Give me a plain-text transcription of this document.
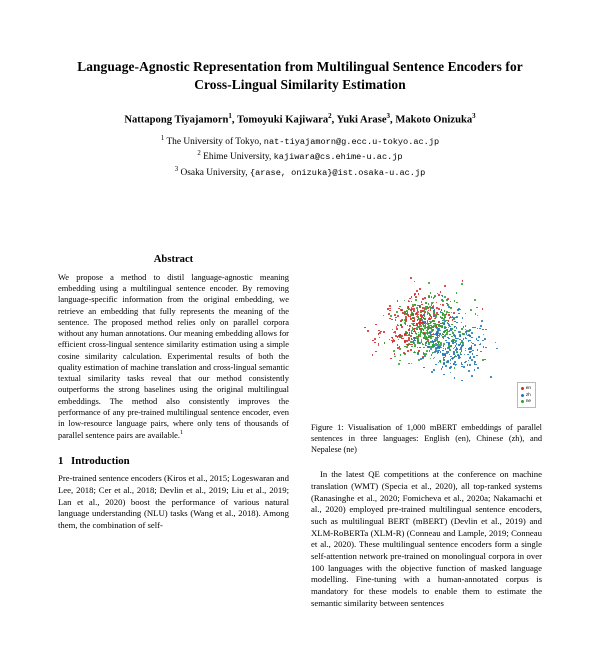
Language-Agnostic Representation from Multilingual Sentence Encoders for Cross-Lingual Similarity Estimation
Nattapong Tiyajamorn$^1$, Tomoyuki Kajiwara$^2$, Yuki Arase$^3$, Makoto Onizuka$^3$
$^1$ The University of Tokyo, nat-tiyajamorn@g.ecc.u-tokyo.ac.jp
$^2$ Ehime University, kajiwara@cs.ehime-u.ac.jp
$^3$ Osaka University, {arase, onizuka}@ist.osaka-u.ac.jp
Abstract
We propose a method to distil language-agnostic meaning embedding using a multilingual sentence encoder. By removing language-specific information from the original embedding, we retrieve an embedding that fully represents the meaning of the sentence. The proposed method relies only on parallel corpora without any human annotations. Our meaning embedding allows for efficient cross-lingual sentence similarity estimation using a simple cosine similarity calculation. Experimental results of both the quality estimation of machine translation and cross-lingual semantic textual similarity tasks reveal that our method consistently outperforms the strong baselines using the original multilingual embeddings. The method also consistently improves the performance of any pre-trained multilingual sentence encoder, even in low-resource language pairs, where only tens of thousands of parallel sentence pairs are available.$^1$
1 Introduction

Pre-trained sentence encoders (Kiros et al., 2015; Logeswaran and Lee, 2018; Cer et al., 2018; Devlin et al., 2019; Liu et al., 2019; Lan et al., 2020) boost the performance of various natural language understanding (NLU) tasks (Wang et al., 2018). Among them, the combination of self-

en
zh
ne
Figure 1: Visualisation of 1,000 mBERT embeddings of parallel sentences in three languages: English (en), Chinese (zh), and Nepalese (ne)

In the latest QE competitions at the conference on machine translation (WMT) (Specia et al., 2020), all top-ranked systems (Ranasinghe et al., 2020; Fomicheva et al., 2020a; Nakamachi et al., 2020) employed pre-trained multilingual sentence encoders, such as multilingual BERT (mBERT) (Devlin et al., 2019) and XLM-RoBERTa (XLM-R) (Conneau and Lample, 2019; Conneau et al., 2020). These multilingual sentence encoders form a single self-attention network pre-trained on monolingual corpora in over 100 languages with the objective function of masked language modelling. Fine-tuning with a human-annotated corpus is mandatory for these models to enable them to estimate the semantic similarity between sentences
